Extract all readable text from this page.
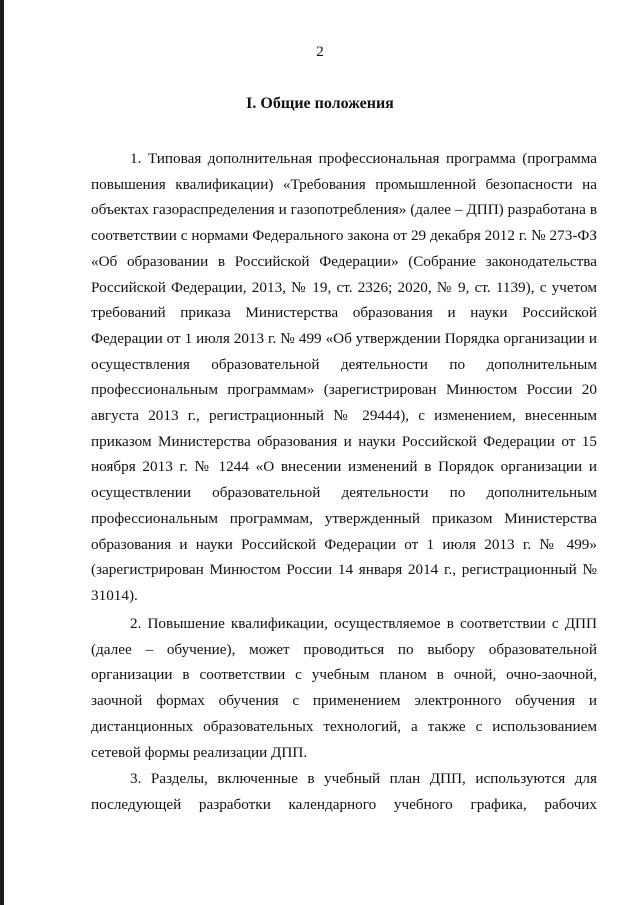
2
I. Общие положения

1. Типовая дополнительная профессиональная программа (программа повышения квалификации) «Требования промышленной безопасности на объектах газораспределения и газопотребления» (далее – ДПП) разработана в соответствии с нормами Федерального закона от 29 декабря 2012 г. № 273-ФЗ «Об образовании в Российской Федерации» (Собрание законодательства Российской Федерации, 2013, № 19, ст. 2326; 2020, № 9, ст. 1139), с учетом требований приказа Министерства образования и науки Российской Федерации от 1 июля 2013 г. № 499 «Об утверждении Порядка организации и осуществления образовательной деятельности по дополнительным профессиональным программам» (зарегистрирован Минюстом России 20 августа 2013 г., регистрационный № 29444), с изменением, внесенным приказом Министерства образования и науки Российской Федерации от 15 ноября 2013 г. № 1244 «О внесении изменений в Порядок организации и осуществлении образовательной деятельности по дополнительным профессиональным программам, утвержденный приказом Министерства образования и науки Российской Федерации от 1 июля 2013 г. № 499» (зарегистрирован Минюстом России 14 января 2014 г., регистрационный № 31014).

2. Повышение квалификации, осуществляемое в соответствии с ДПП (далее – обучение), может проводиться по выбору образовательной организации в соответствии с учебным планом в очной, очно-заочной, заочной формах обучения с применением электронного обучения и дистанционных образовательных технологий, а также с использованием сетевой формы реализации ДПП.

3. Разделы, включенные в учебный план ДПП, используются для последующей разработки календарного учебного графика, рабочих
